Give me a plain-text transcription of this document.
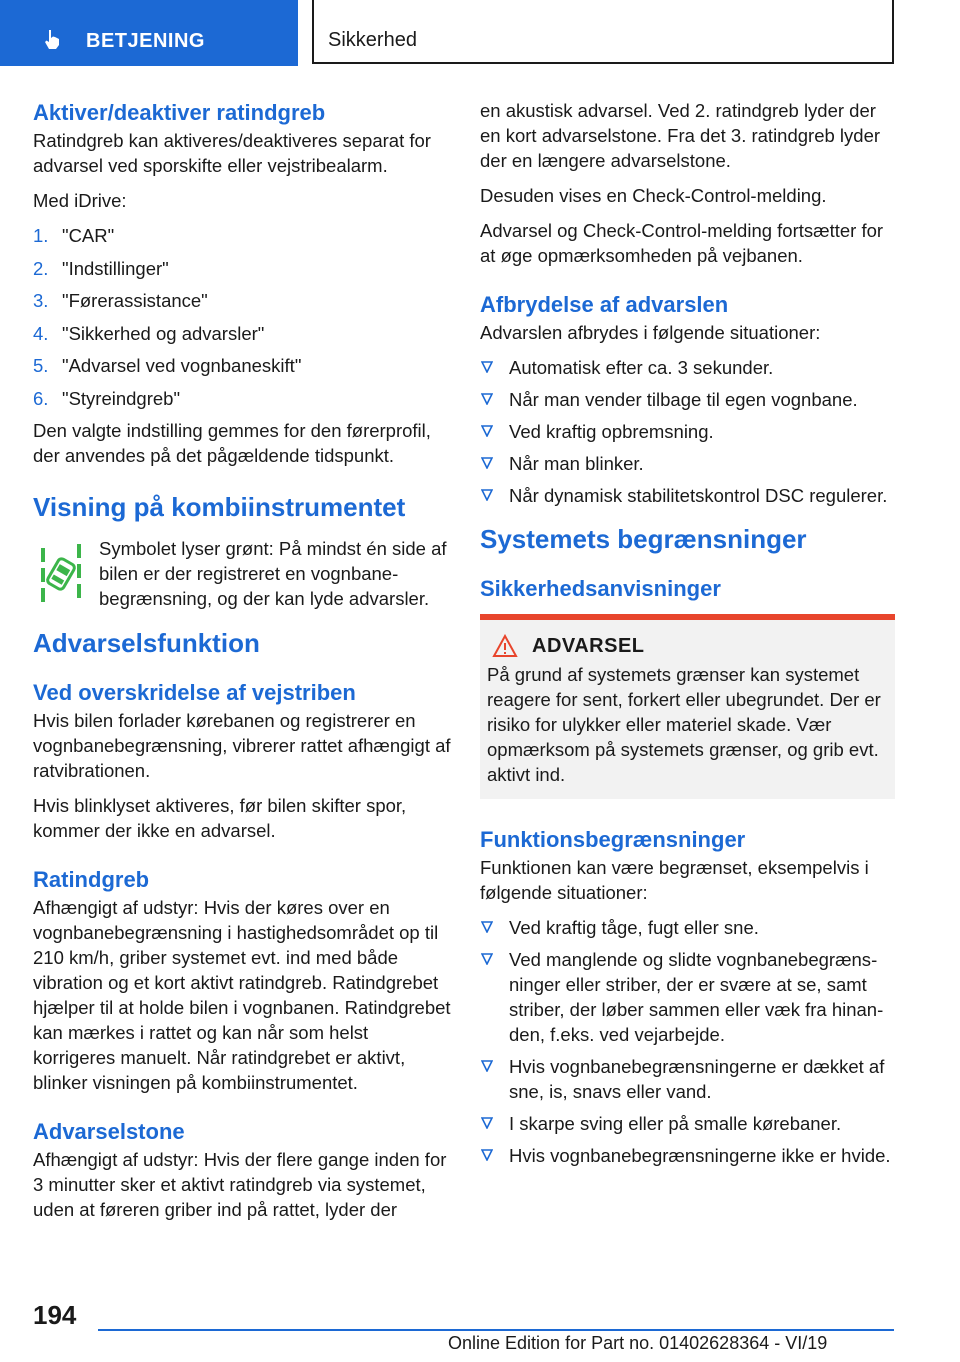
BETJENING	Sikkerhed
Aktiver/deaktiver ratindgreb

Ratindgreb kan aktiveres/deaktiveres separat for advarsel ved sporskifte eller vejstribealarm.

Med iDrive:

1. "CAR"
2. "Indstillinger"
3. "Førerassistance"
4. "Sikkerhed og advarsler"
5. "Advarsel ved vognbaneskift"
6. "Styreindgreb"

Den valgte indstilling gemmes for den førerprofil, der anvendes på det pågældende tidspunkt.

Visning på kombiinstrumentet

Symbolet lyser grønt: På mindst én side af bilen er der registreret en vognbanebegrænsning, og der kan lyde advarsler.

Advarselsfunktion
Ved overskridelse af vejstriben

Hvis bilen forlader kørebanen og registrerer en vognbanebegrænsning, vibrerer rattet afhængigt af ratvibrationen.

Hvis blinklyset aktiveres, før bilen skifter spor, kommer der ikke en advarsel.

Ratindgreb

Afhængigt af udstyr: Hvis der køres over en vognbanebegrænsning i hastighedsområdet op til 210 km/h, griber systemet evt. ind med både vibration og et kort aktivt ratindgreb. Ratindgrebet hjælper til at holde bilen i vognbanen. Ratindgrebet kan mærkes i rattet og kan når som helst korrigeres manuelt. Når ratindgrebet er aktivt, blinker visningen på kombiinstrumentet.

Advarselstone

Afhængigt af udstyr: Hvis der flere gange inden for 3 minutter sker et aktivt ratindgreb via systemet, uden at føreren griber ind på rattet, lyder der

en akustisk advarsel. Ved 2. ratindgreb lyder der en kort advarselstone. Fra det 3. ratindgreb lyder der en længere advarselstone.

Desuden vises en Check-Control-melding.

Advarsel og Check-Control-melding fortsætter for at øge opmærksomheden på vejbanen.

Afbrydelse af advarslen

Advarslen afbrydes i følgende situationer:

Automatisk efter ca. 3 sekunder.
Når man vender tilbage til egen vognbane.
Ved kraftig opbremsning.
Når man blinker.
Når dynamisk stabilitetskontrol DSC regulerer.
Systemets begrænsninger
Sikkerhedsanvisninger
ADVARSEL

På grund af systemets grænser kan systemet reagere for sent, forkert eller ubegrundet. Der er risiko for ulykker eller materiel skade. Vær opmærksom på systemets grænser, og grib evt. aktivt ind.

Funktionsbegrænsninger

Funktionen kan være begrænset, eksempelvis i følgende situationer:

Ved kraftig tåge, fugt eller sne.
Ved manglende og slidte vognbanebegrænsninger eller striber, der er svære at se, samt striber, der løber sammen eller væk fra hinanden, f.eks. ved vejarbejde.
Hvis vognbanebegrænsningerne er dækket af sne, is, snavs eller vand.
I skarpe sving eller på smalle kørebaner.
Hvis vognbanebegrænsningerne ikke er hvide.
194
Online Edition for Part no. 01402628364 - VI/19
